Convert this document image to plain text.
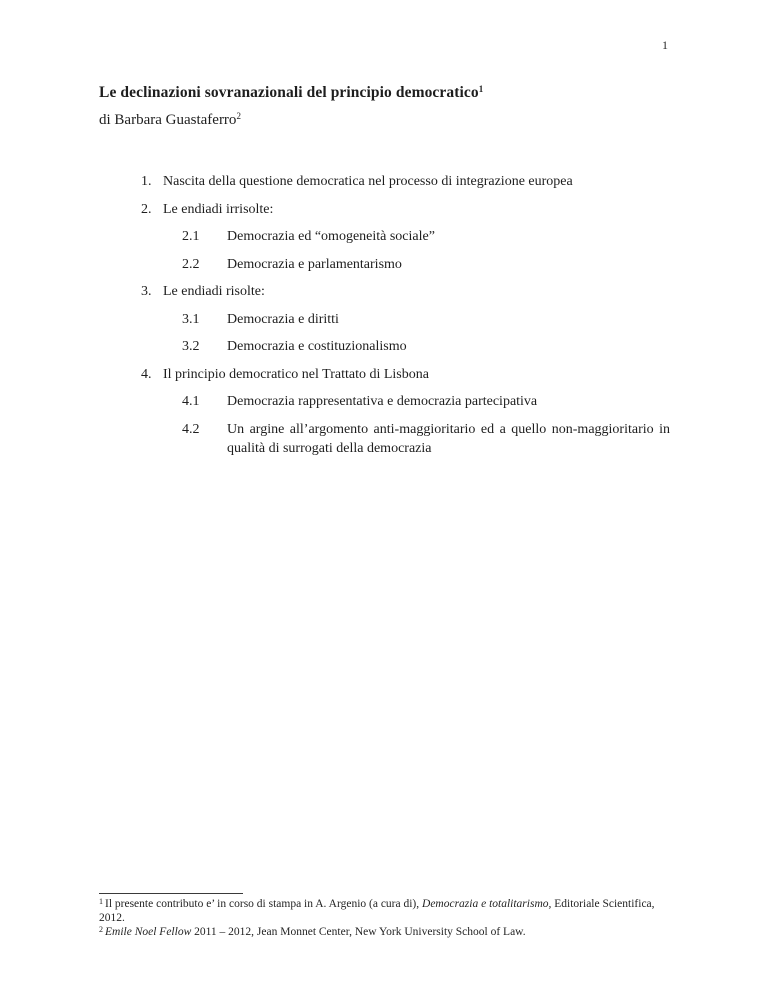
1
Le declinazioni sovranazionali del principio democratico$^1$
di Barbara Guastaferro$^2$
1. Nascita della questione democratica nel processo di integrazione europea
2. Le endiadi irrisolte:
2.1	Democrazia ed “omogeneità sociale”
2.2	Democrazia e parlamentarismo
3. Le endiadi risolte:
3.1	Democrazia e diritti
3.2	Democrazia e costituzionalismo
4. Il principio democratico nel Trattato di Lisbona
4.1	Democrazia rappresentativa e democrazia partecipativa
4.2	Un argine all’argomento anti-maggioritario ed a quello non-maggioritario in qualità di surrogati della democrazia
$^1$ Il presente contributo e’ in corso di stampa in A. Argenio (a cura di), Democrazia e totalitarismo, Editoriale Scientifica, 2012.
$^2$ Emile Noel Fellow 2011 – 2012, Jean Monnet Center, New York University School of Law.
